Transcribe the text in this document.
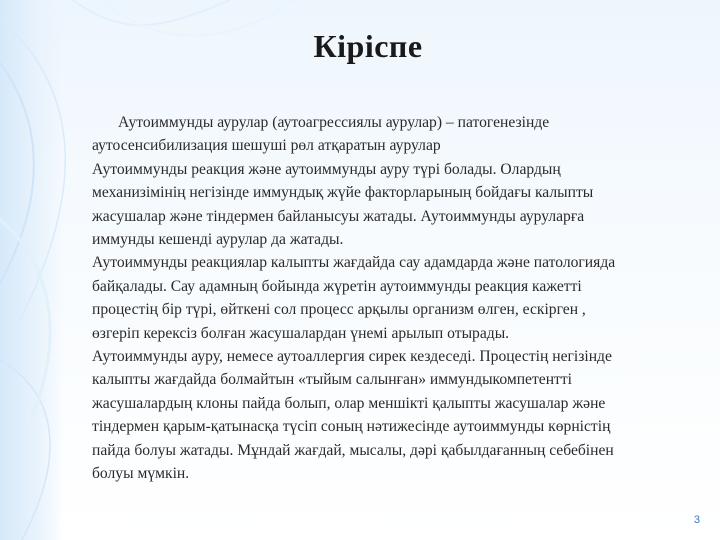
Кіріспе

Аутоиммунды аурулар (аутоагрессиялы аурулар) – патогенезінде
аутосенсибилизация шешуші рөл атқаратын аурулар
Аутоиммунды реакция және аутоиммунды ауру түрі болады. Олардың
механизімінің негізінде иммундық жүйе факторларының бойдағы калыпты
жасушалар және тіндермен байланысуы жатады. Аутоиммунды ауруларға
иммунды кешенді аурулар да жатады.
Аутоиммунды реакциялар калыпты жағдайда сау адамдарда және патологияда
байқалады. Сау адамның бойында жүретін аутоиммунды реакция кажетті
процестің бір түрі, өйткені сол процесс арқылы организм өлген, ескірген ,
өзгеріп керексіз болған жасушалардан үнемі арылып отырады.
Аутоиммунды ауру, немесе аутоаллергия сирек кездеседі. Процестің негізінде
калыпты жағдайда болмайтын «тыйым салынған» иммундыкомпетентті
жасушалардың клоны пайда болып, олар меншікті қалыпты жасушалар және
тіндермен қарым-қатынасқа түсіп соның нәтижесінде аутоиммунды көрністің
пайда болуы жатады. Мұндай жағдай, мысалы, дәрі қабылдағанның себебінен
болуы мүмкін.

3
